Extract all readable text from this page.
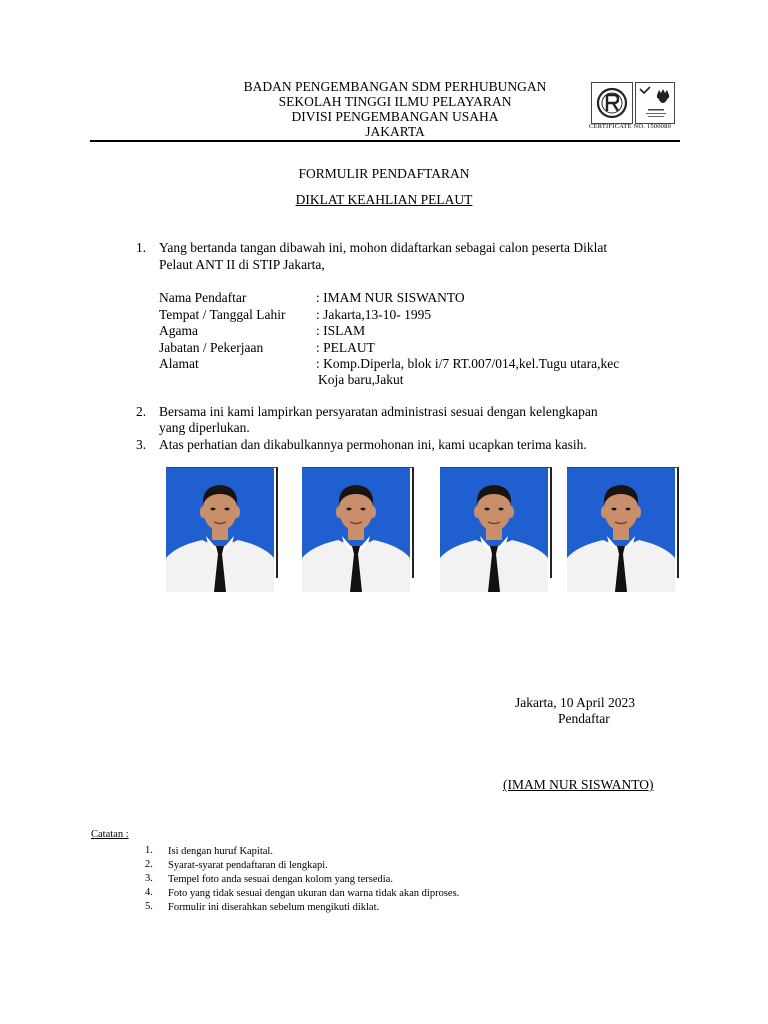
BADAN PENGEMBANGAN SDM PERHUBUNGAN
SEKOLAH TINGGI ILMU PELAYARAN
DIVISI PENGEMBANGAN USAHA
JAKARTA	CERTIFICATE NO. 1500080
FORMULIR PENDAFTARAN
DIKLAT KEAHLIAN PELAUT
1. Yang bertanda tangan dibawah ini, mohon didaftarkan sebagai calon peserta Diklat
Pelaut ANT II di STIP Jakarta,
Nama Pendaftar	: IMAM NUR SISWANTO
Tempat / Tanggal Lahir : Jakarta,13-10- 1995
Agama	: ISLAM
Jabatan / Pekerjaan	: PELAUT
Alamat	: Komp.Diperla, blok i/7 RT.007/014,kel.Tugu utara,kec
Koja baru,Jakut
2. Bersama ini kami lampirkan persyaratan administrasi sesuai dengan kelengkapan
yang diperlukan.
3. Atas perhatian dan dikabulkannya permohonan ini, kami ucapkan terima kasih.
Jakarta, 10 April 2023
Pendaftar
(IMAM NUR SISWANTO)
Catatan :
1. Isi dengan huruf Kapital.
2. Syarat-syarat pendaftaran di lengkapi.
3. Tempel foto anda sesuai dengan kolom yang tersedia.
4. Foto yang tidak sesuai dengan ukuran dan warna tidak akan diproses.
5. Formulir ini diserahkan sebelum mengikuti diklat.
